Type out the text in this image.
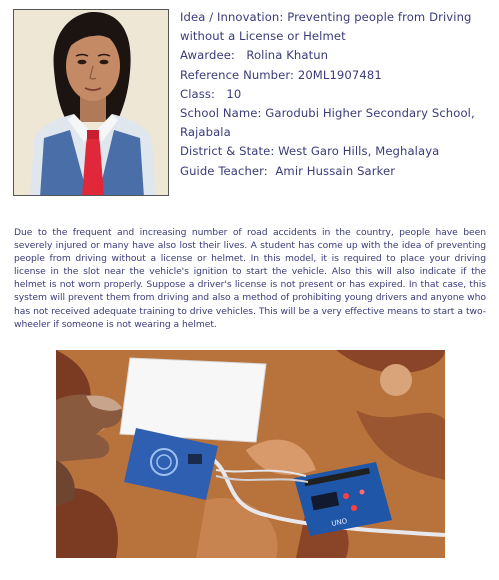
Idea / Innovation: Preventing people from Driving
without a License or Helmet
Awardee: Rolina Khatun
Reference Number: 20ML1907481
Class: 10
School Name: Garodubi Higher Secondary School,
Rajabala
District & State: West Garo Hills, Meghalaya
Guide Teacher: Amir Hussain Sarker

Due to the frequent and increasing number of road accidents in the country, people have been severely injured or many have also lost their lives. A student has come up with the idea of preventing people from driving without a license or helmet. In this model, it is required to place your driving license in the slot near the vehicle's ignition to start the vehicle. Also this will also indicate if the helmet is not worn properly. Suppose a driver's license is not present or has expired. In that case, this system will prevent them from driving and also a method of prohibiting young drivers and anyone who has not received adequate training to drive vehicles. This will be a very effective means to start a two-wheeler if someone is not wearing a helmet.

UNO
